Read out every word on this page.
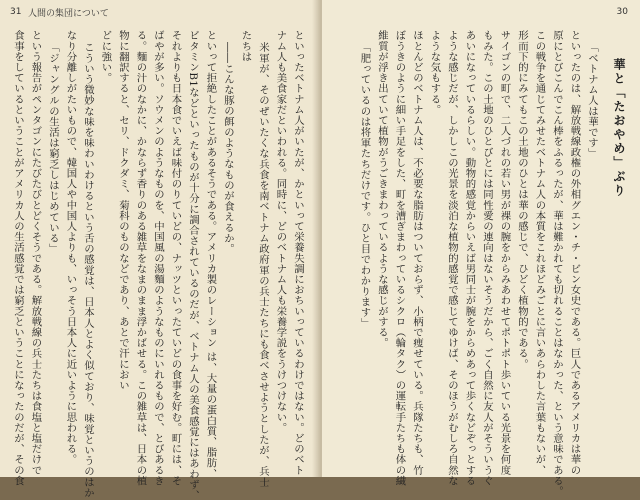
31 人間の集団について
といったベトナム人がいたが、かといって栄養失調におちいっているわけではない。どのベト
ナム人も美食家だといわれる。同時に、どのベトナム人も栄養学説をうけつけない。
米軍が、そのぜいたくな兵食を南ベトナム政府軍の兵士たちにも食べさせようとしたが、兵士
たちは
――こんな豚の餌のようなものが食えるか。
といって拒絶したことがあるそうである。アメリカ製のレーション は、大量の蛋白質、脂肪、
ビタミンB1などといったものが十分に調合されているのだが、ベトナム人の美食感覚にはあわず、
それよりも日本食でいえば味付のりていどの、ナッツといったていどの食事を好む。町には、そ
ばやが多い。ソウメンのようなものを、中国風の湯麵のようなものにいれるもので、とびあるき
る。麵の汁のなかに、かならず香りのある雑草をなまのまま浮かばせる。この雑草は、日本の植
物に翻訳すると、セリ、ドクダミ、菊科のものなどであり、あとで汗におい
どに強い。
こういう微妙な味を味わいわけるという舌の感覚は、日本人とよく似ており、味覚というのはか
なり分離しがたいもので、韓国人や中国人よりも、いっそう日本人に近いように思われる。
「ジャングルの生活は窮乏しはじめている」
という報告がペンタゴンにたびたびとどくそうである。解放戦線の兵士たちは食塩と塩だけで
食事をしているということがアメリカ人の生活感覚では窮乏ということになったのだが、その食
30
華と「たおやめ」ぶり
「ベトナム人は華です」
といったのは、解放戦線政権の外相グエン・チ・ビン女史である。巨人であるアメリカは華の
原にとびこんでこん棒をふるったが、華は難かれても切れることはなかった、という意味である。
この戦争を通じてみせたベトナム人の本質をこれほどみごとに言いあらわした言葉もないが、
形而下的にみてもこの土地のひとは華の感じで、ひどく植物的である。
サイゴンの町で、二人づれの若い男が裸の腕をからみあわせてポトポト歩いている光景を何度
もみた。この土地のひとびとには同性愛の連向はないそうだから、ごく自然に友人がそういうぐ
あいになっているらしい。動物的感覚からいえば男同士が腕をからめあって歩くなどぞっとする
ような感じだが、しかしこの光景を淡泊な植物的感覚で感じてゆけば、そのほうがむしろ自然な
ような気もする。
ほとんどのベトナム人は、不必要な脂肪はついておらず、小柄で痩せている。兵隊たちも、竹
ぼうきのように細い手足をした、町を漕ぎまわっているシクロ（輪タク）の運転手たちも体の繊
維質が浮き出ていて植物がうごきまわっているような感じがする。
「肥っているのは将軍たちだけです。ひと目でわかります」
